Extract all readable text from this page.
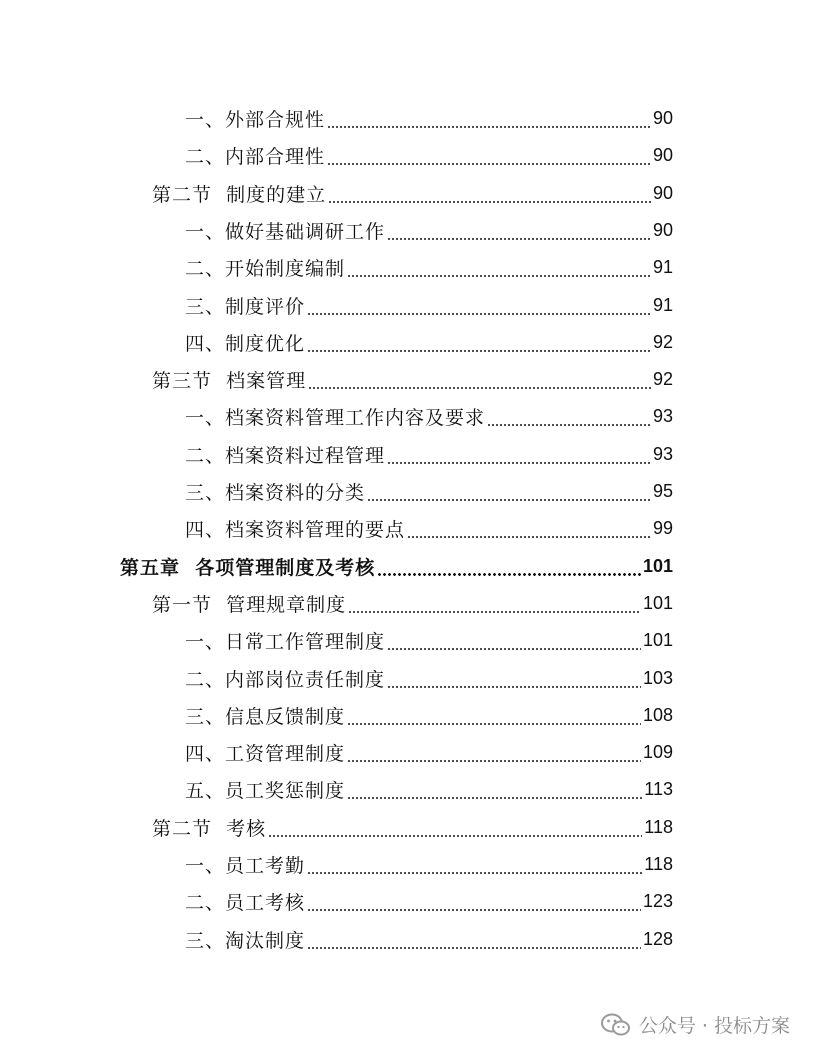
一、外部合规性	90
二、内部合理性	90
第二节  制度的建立	90
一、做好基础调研工作	90
二、开始制度编制	91
三、制度评价	91
四、制度优化	92
第三节  档案管理	92
一、档案资料管理工作内容及要求	93
二、档案资料过程管理	93
三、档案资料的分类	95
四、档案资料管理的要点	99
第五章  各项管理制度及考核	101
第一节  管理规章制度	101
一、日常工作管理制度	101
二、内部岗位责任制度	103
三、信息反馈制度	108
四、工资管理制度	109
五、员工奖惩制度	113
第二节  考核	118
一、员工考勤	118
二、员工考核	123
三、淘汰制度	128
公众号 · 投标方案
